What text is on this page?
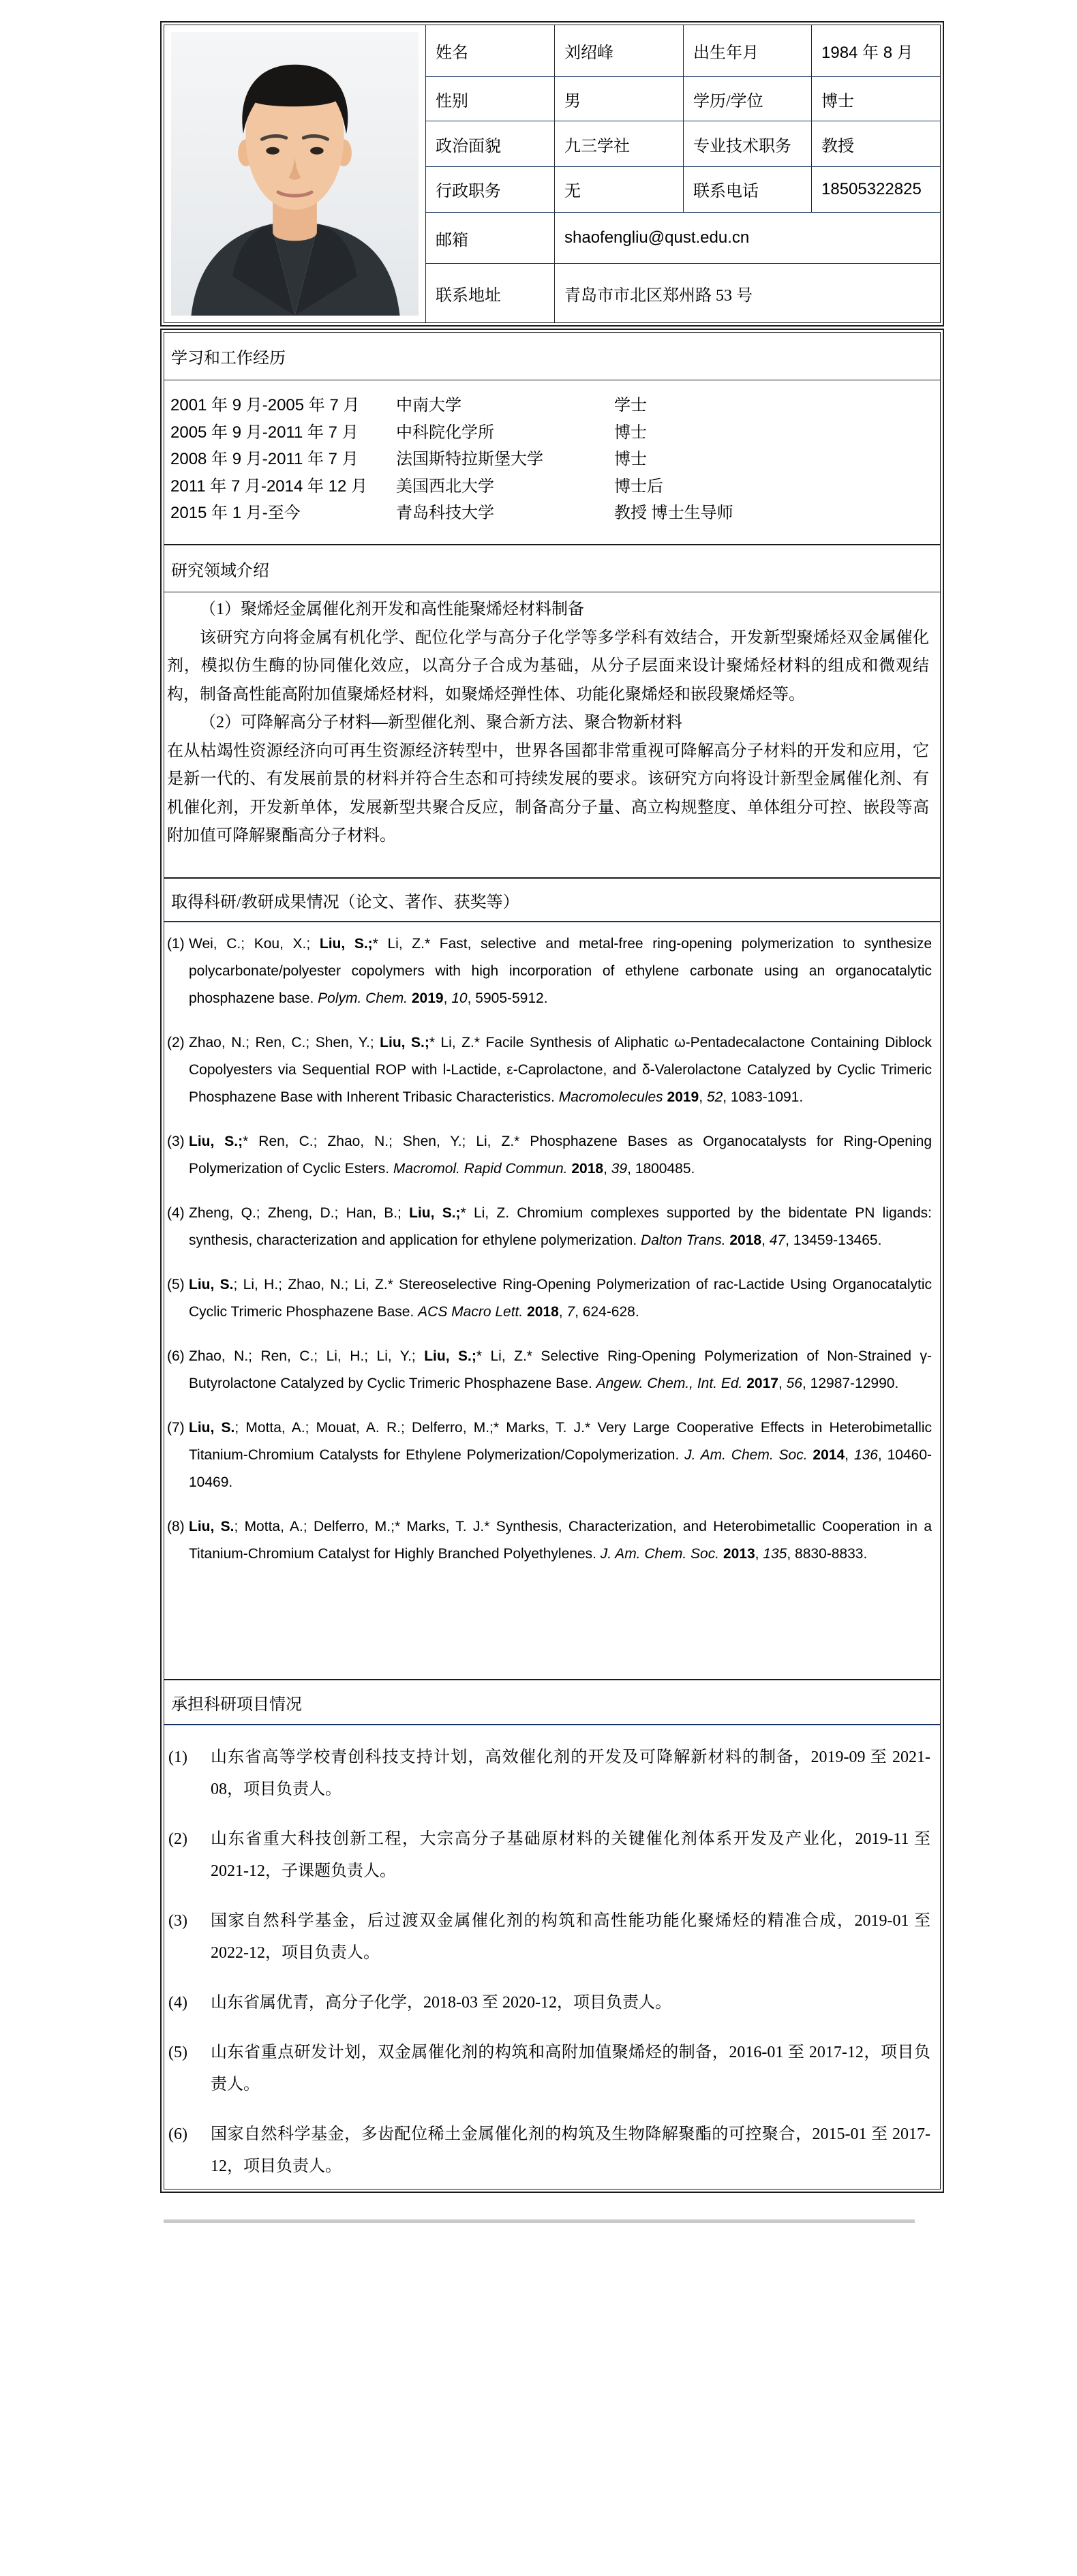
姓名	刘绍峰	出生年月	1984 年 8 月
性别	男	学历/学位	博士
政治面貌	九三学社	专业技术职务	教授
行政职务	无	联系电话	18505322825
邮箱	shaofengliu@qust.edu.cn
联系地址	青岛市市北区郑州路 53 号
学习和工作经历
2001 年 9 月-2005 年 7 月	中南大学	学士
2005 年 9 月-2011 年 7 月	中科院化学所	博士
2008 年 9 月-2011 年 7 月	法国斯特拉斯堡大学	博士
2011 年 7 月-2014 年 12 月	美国西北大学	博士后
2015 年 1 月-至今	青岛科技大学	教授 博士生导师
研究领域介绍

（1）聚烯烃金属催化剂开发和高性能聚烯烃材料制备

该研究方向将金属有机化学、配位化学与高分子化学等多学科有效结合，开发新型聚烯烃双金属催化剂，模拟仿生酶的协同催化效应，以高分子合成为基础，从分子层面来设计聚烯烃材料的组成和微观结构，制备高性能高附加值聚烯烃材料，如聚烯烃弹性体、功能化聚烯烃和嵌段聚烯烃等。

（2）可降解高分子材料—新型催化剂、聚合新方法、聚合物新材料

在从枯竭性资源经济向可再生资源经济转型中，世界各国都非常重视可降解高分子材料的开发和应用，它是新一代的、有发展前景的材料并符合生态和可持续发展的要求。该研究方向将设计新型金属催化剂、有机催化剂，开发新单体，发展新型共聚合反应，制备高分子量、高立构规整度、单体组分可控、嵌段等高附加值可降解聚酯高分子材料。

取得科研/教研成果情况（论文、著作、获奖等）
(1) Wei, C.; Kou, X.; Liu, S.;* Li, Z.* Fast, selective and metal-free ring-opening polymerization to synthesize polycarbonate/polyester copolymers with high incorporation of ethylene carbonate using an organocatalytic phosphazene base. Polym. Chem. 2019, 10, 5905-5912.
(2) Zhao, N.; Ren, C.; Shen, Y.; Liu, S.;* Li, Z.* Facile Synthesis of Aliphatic ω-Pentadecalactone Containing Diblock Copolyesters via Sequential ROP with l-Lactide, ε-Caprolactone, and δ-Valerolactone Catalyzed by Cyclic Trimeric Phosphazene Base with Inherent Tribasic Characteristics. Macromolecules 2019, 52, 1083-1091.
(3) Liu, S.;* Ren, C.; Zhao, N.; Shen, Y.; Li, Z.* Phosphazene Bases as Organocatalysts for Ring-Opening Polymerization of Cyclic Esters. Macromol. Rapid Commun. 2018, 39, 1800485.
(4) Zheng, Q.; Zheng, D.; Han, B.; Liu, S.;* Li, Z. Chromium complexes supported by the bidentate PN ligands: synthesis, characterization and application for ethylene polymerization. Dalton Trans. 2018, 47, 13459-13465.
(5) Liu, S.; Li, H.; Zhao, N.; Li, Z.* Stereoselective Ring-Opening Polymerization of rac-Lactide Using Organocatalytic Cyclic Trimeric Phosphazene Base. ACS Macro Lett. 2018, 7, 624-628.
(6) Zhao, N.; Ren, C.; Li, H.; Li, Y.; Liu, S.;* Li, Z.* Selective Ring-Opening Polymerization of Non-Strained γ-Butyrolactone Catalyzed by Cyclic Trimeric Phosphazene Base. Angew. Chem., Int. Ed. 2017, 56, 12987-12990.
(7) Liu, S.; Motta, A.; Mouat, A. R.; Delferro, M.;* Marks, T. J.* Very Large Cooperative Effects in Heterobimetallic Titanium-Chromium Catalysts for Ethylene Polymerization/Copolymerization. J. Am. Chem. Soc. 2014, 136, 10460-10469.
(8) Liu, S.; Motta, A.; Delferro, M.;* Marks, T. J.* Synthesis, Characterization, and Heterobimetallic Cooperation in a Titanium-Chromium Catalyst for Highly Branched Polyethylenes. J. Am. Chem. Soc. 2013, 135, 8830-8833.
承担科研项目情况
(1)	山东省高等学校青创科技支持计划，高效催化剂的开发及可降解新材料的制备，2019-09 至 2021-08，项目负责人。
(2)	山东省重大科技创新工程，大宗高分子基础原材料的关键催化剂体系开发及产业化，2019-11 至 2021-12，子课题负责人。
(3)	国家自然科学基金，后过渡双金属催化剂的构筑和高性能功能化聚烯烃的精准合成，2019-01 至 2022-12，项目负责人。
(4)	山东省属优青，高分子化学，2018-03 至 2020-12，项目负责人。
(5)	山东省重点研发计划，双金属催化剂的构筑和高附加值聚烯烃的制备，2016-01 至 2017-12，项目负责人。
(6)	国家自然科学基金，多齿配位稀土金属催化剂的构筑及生物降解聚酯的可控聚合，2015-01 至 2017-12，项目负责人。
